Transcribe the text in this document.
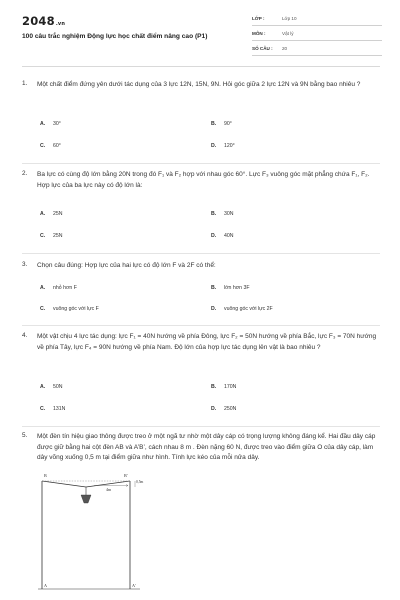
2048.vn
100 câu trắc nghiệm Động lực học chất điểm nâng cao (P1)
LỚP :	Lớp 10
MÔN :	Vật lý
SỐ CÂU : 20
1. Một chất điểm đứng yên dưới tác dụng của 3 lực 12N, 15N, 9N. Hỏi góc giữa 2 lực 12N và 9N bằng bao nhiêu ?
A. 30°	B. 90°
C. 60°	D. 120°
2. Ba lực có cùng độ lớn bằng 20N trong đó F₁ và F₂ hợp với nhau góc 60°. Lực F₃ vuông góc mặt phẳng chứa F₁, F₂. Hợp lực của ba lực này có độ lớn là:
A. 25N	B. 30N
C. 25N	D. 40N
3. Chọn câu đúng: Hợp lực của hai lực có độ lớn F và 2F có thể:
A. nhỏ hơn F	B. lớn hơn 3F
C. vuông góc với lực F	D. vuông góc với lực 2F
4. Một vật chịu 4 lực tác dụng: lực F₁ = 40N hướng về phía Đông, lực F₂ = 50N hướng về phía Bắc, lực F₃ = 70N hướng về phía Tây, lực F₄ = 90N hướng về phía Nam. Độ lớn của hợp lực tác dụng lên vật là bao nhiêu ?
A. 50N	B. 170N
C. 131N	D. 250N
5. Một đèn tín hiệu giao thông được treo ở một ngã tư nhờ một dây cáp có trọng lượng không đáng kể. Hai đầu dây cáp được giữ bằng hai cột đèn AB và A’B’, cách nhau 8 m . Đèn nặng 60 N, được treo vào điểm giữa O của dây cáp, làm dây võng xuống 0,5 m tại điểm giữa như hình. Tính lực kéo của mỗi nửa dây.
B'
B
A	A'
4m
0,5m
